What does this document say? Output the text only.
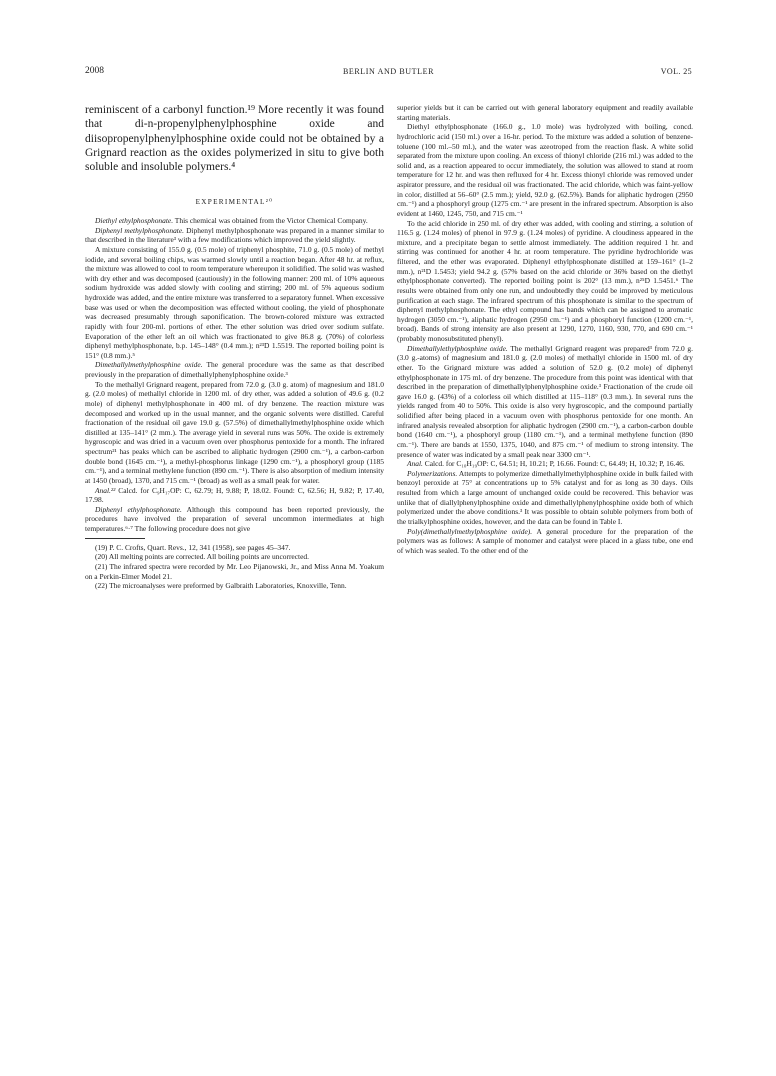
2008	BERLIN AND BUTLER	VOL. 25

reminiscent of a carbonyl function.¹⁹ More recently it was found that di-n-propenylphenylphosphine oxide and diisopropenylphenylphosphine oxide could not be obtained by a Grignard reaction as the oxides polymerized in situ to give both soluble and insoluble polymers.⁴

EXPERIMENTAL²⁰

Diethyl ethylphosphonate. This chemical was obtained from the Victor Chemical Company.

Diphenyl methylphosphonate. Diphenyl methylphosphonate was prepared in a manner similar to that described in the literature³ with a few modifications which improved the yield slightly.

A mixture consisting of 155.0 g. (0.5 mole) of triphenyl phosphite, 71.0 g. (0.5 mole) of methyl iodide, and several boiling chips, was warmed slowly until a reaction began. After 48 hr. at reflux, the mixture was allowed to cool to room temperature whereupon it solidified. The solid was washed with dry ether and was decomposed (cautiously) in the following manner: 200 ml. of 10% aqueous sodium hydroxide was added slowly with cooling and stirring; 200 ml. of 5% aqueous sodium hydroxide was added, and the entire mixture was transferred to a separatory funnel. When excessive base was used or when the decomposition was effected without cooling, the yield of phosphonate was decreased presumably through saponification. The brown-colored mixture was extracted rapidly with four 200-ml. portions of ether. The ether solution was dried over sodium sulfate. Evaporation of the ether left an oil which was fractionated to give 86.8 g. (70%) of colorless diphenyl methylphosphonate, b.p. 145–148° (0.4 mm.); n²³D 1.5519. The reported boiling point is 151° (0.8 mm.).⁵

Dimethallylmethylphosphine oxide. The general procedure was the same as that described previously in the preparation of dimethallylphenylphosphine oxide.³

To the methallyl Grignard reagent, prepared from 72.0 g. (3.0 g. atom) of magnesium and 181.0 g. (2.0 moles) of methallyl chloride in 1200 ml. of dry ether, was added a solution of 49.6 g. (0.2 mole) of diphenyl methylphosphonate in 400 ml. of dry benzene. The reaction mixture was decomposed and worked up in the usual manner, and the organic solvents were distilled. Careful fractionation of the residual oil gave 19.0 g. (57.5%) of dimethallylmethylphosphine oxide which distilled at 135–141° (2 mm.). The average yield in several runs was 50%. The oxide is extremely hygroscopic and was dried in a vacuum oven over phosphorus pentoxide for a month. The infrared spectrum²¹ has peaks which can be ascribed to aliphatic hydrogen (2900 cm.⁻¹), a carbon-carbon double bond (1645 cm.⁻¹), a methyl-phosphorus linkage (1290 cm.⁻¹), a phosphoryl group (1185 cm.⁻¹), and a terminal methylene function (890 cm.⁻¹). There is also absorption of medium intensity at 1450 (broad), 1370, and 715 cm.⁻¹ (broad) as well as a small peak for water.

Anal.²² Calcd. for C₉H₁₇OP: C, 62.79; H, 9.88; P, 18.02. Found: C, 62.56; H, 9.82; P, 17.40, 17.98.

Diphenyl ethylphosphonate. Although this compound has been reported previously, the procedures have involved the preparation of several uncommon intermediates at high temperatures.⁶·⁷ The following procedure does not give

(19) P. C. Crofts, Quart. Revs., 12, 341 (1958), see pages 45–347.

(20) All melting points are corrected. All boiling points are uncorrected.

(21) The infrared spectra were recorded by Mr. Leo Pijanowski, Jr., and Miss Anna M. Yoakum on a Perkin-Elmer Model 21.

(22) The microanalyses were preformed by Galbraith Laboratories, Knoxville, Tenn.

superior yields but it can be carried out with general laboratory equipment and readily available starting materials.

Diethyl ethylphosphonate (166.0 g., 1.0 mole) was hydrolyzed with boiling, concd. hydrochloric acid (150 ml.) over a 16-hr. period. To the mixture was added a solution of benzene-toluene (100 ml.–50 ml.), and the water was azeotroped from the reaction flask. A white solid separated from the mixture upon cooling. An excess of thionyl chloride (216 ml.) was added to the solid and, as a reaction appeared to occur immediately, the solution was allowed to stand at room temperature for 12 hr. and was then refluxed for 4 hr. Excess thionyl chloride was removed under aspirator pressure, and the residual oil was fractionated. The acid chloride, which was faint-yellow in color, distilled at 56–60° (2.5 mm.); yield, 92.0 g. (62.5%). Bands for aliphatic hydrogen (2950 cm.⁻¹) and a phosphoryl group (1275 cm.⁻¹ are present in the infrared spectrum. Absorption is also evident at 1460, 1245, 750, and 715 cm.⁻¹

To the acid chloride in 250 ml. of dry ether was added, with cooling and stirring, a solution of 116.5 g. (1.24 moles) of phenol in 97.9 g. (1.24 moles) of pyridine. A cloudiness appeared in the mixture, and a precipitate began to settle almost immediately. The addition required 1 hr. and stirring was continued for another 4 hr. at room temperature. The pyridine hydrochloride was filtered, and the ether was evaporated. Diphenyl ethylphosphonate distilled at 159–161° (1–2 mm.), n²¹D 1.5453; yield 94.2 g. (57% based on the acid chloride or 36% based on the diethyl ethylphosphonate converted). The reported boiling point is 202° (13 mm.), n²⁵D 1.5451.⁶ The results were obtained from only one run, and undoubtedly they could be improved by meticulous purification at each stage. The infrared spectrum of this phosphonate is similar to the spectrum of diphenyl methylphosphonate. The ethyl compound has bands which can be assigned to aromatic hydrogen (3050 cm.⁻¹), aliphatic hydrogen (2950 cm.⁻¹) and a phosphoryl function (1200 cm.⁻¹, broad). Bands of strong intensity are also present at 1290, 1270, 1160, 930, 770, and 690 cm.⁻¹ (probably monosubstituted phenyl).

Dimethallylethylphosphine oxide. The methallyl Grignard reagent was prepared³ from 72.0 g. (3.0 g.-atoms) of magnesium and 181.0 g. (2.0 moles) of methallyl chloride in 1500 ml. of dry ether. To the Grignard mixture was added a solution of 52.0 g. (0.2 mole) of diphenyl ethylphosphonate in 175 ml. of dry benzene. The procedure from this point was identical with that described in the preparation of dimethallylphenylphosphine oxide.³ Fractionation of the crude oil gave 16.0 g. (43%) of a colorless oil which distilled at 115–118° (0.3 mm.). In several runs the yields ranged from 40 to 50%. This oxide is also very hygroscopic, and the compound partially solidified after being placed in a vacuum oven with phosphorus pentoxide for one month. An infrared analysis revealed absorption for aliphatic hydrogen (2900 cm.⁻¹), a carbon-carbon double bond (1640 cm.⁻¹), a phosphoryl group (1180 cm.⁻¹), and a terminal methylene function (890 cm.⁻¹). There are bands at 1550, 1375, 1040, and 875 cm.⁻¹ of medium to strong intensity. The presence of water was indicated by a small peak near 3300 cm⁻¹.

Anal. Calcd. for C₁₀H₁₉OP: C, 64.51; H, 10.21; P, 16.66. Found: C, 64.49; H, 10.32; P, 16.46.

Polymerizations. Attempts to polymerize dimethallylmethylphosphine oxide in bulk failed with benzoyl peroxide at 75° at concentrations up to 5% catalyst and for as long as 30 days. Oils resulted from which a large amount of unchanged oxide could be recovered. This behavior was unlike that of diallylphenylphosphine oxide and dimethallylphenylphosphine oxide both of which polymerized under the above conditions.³ It was possible to obtain soluble polymers from both of the trialkylphosphine oxides, however, and the data can be found in Table I.

Poly(dimethallylmethylphosphine oxide). A general procedure for the preparation of the polymers was as follows: A sample of monomer and catalyst were placed in a glass tube, one end of which was sealed. To the other end of the
